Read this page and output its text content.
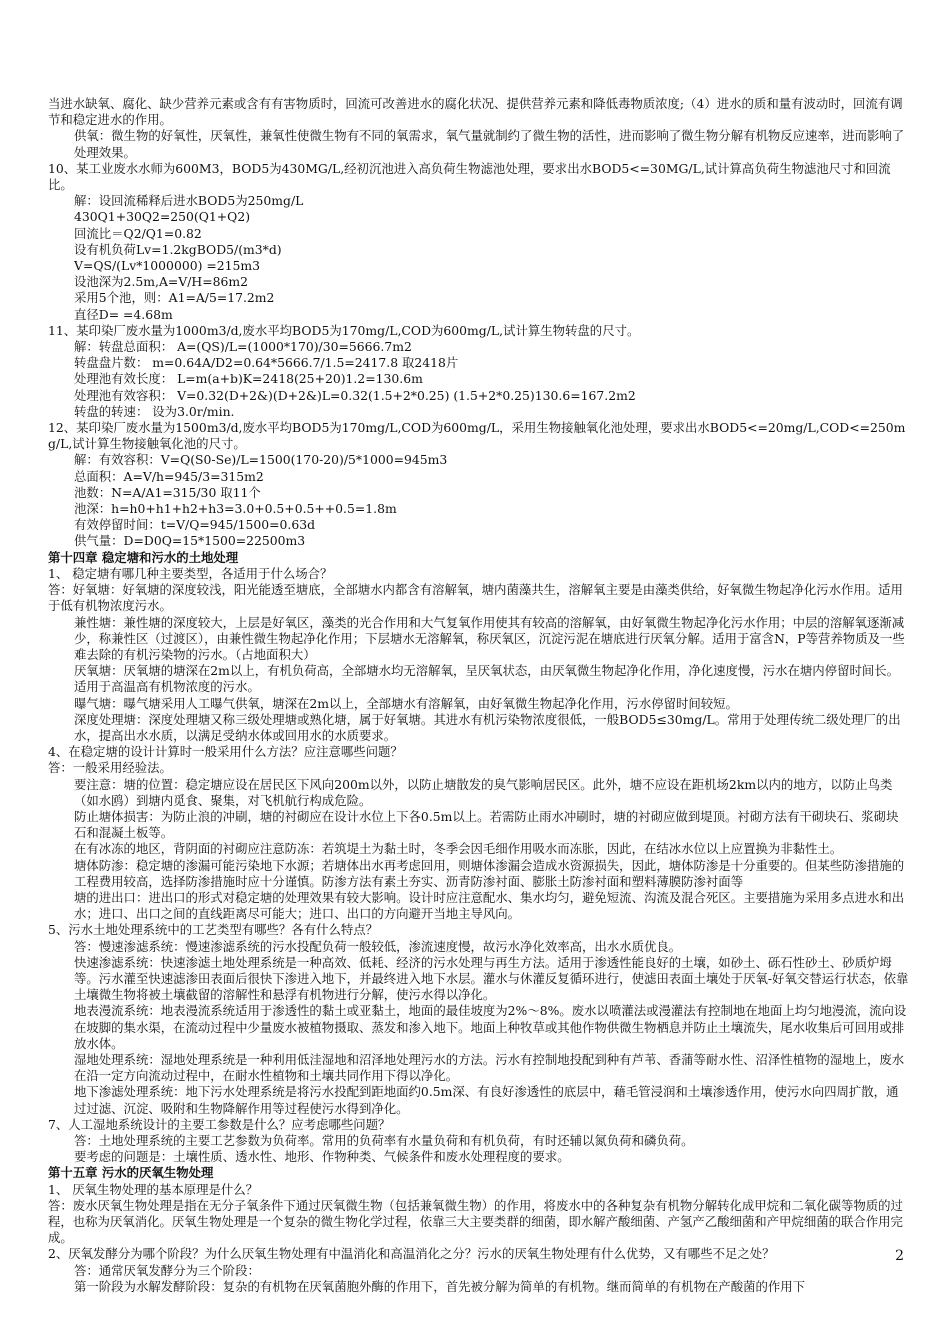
当进水缺氧、腐化、缺少营养元素或含有有害物质时，回流可改善进水的腐化状况、提供营养元素和降低毒物质浓度;（4）进水的质和量有波动时，回流有调节和稳定进水的作用。

供氧：微生物的好氧性，厌氧性，兼氧性使微生物有不同的氧需求，氧气量就制约了微生物的活性，进而影响了微生物分解有机物反应速率，进而影响了处理效果。

10、某工业废水水师为600M3，BOD5为430MG/L,经初沉池进入高负荷生物滤池处理，要求出水BOD5<=30MG/L,试计算高负荷生物滤池尺寸和回流比。

解：设回流稀释后进水BOD5为250mg/L

430Q1+30Q2=250(Q1+Q2)

回流比＝Q2/Q1=0.82

设有机负荷Lv=1.2kgBOD5/(m3*d)

V=QS/(Lv*1000000) =215m3

设池深为2.5m,A=V/H=86m2

采用5个池，则：A1=A/5=17.2m2

直径D= =4.68m

11、某印染厂废水量为1000m3/d,废水平均BOD5为170mg/L,COD为600mg/L,试计算生物转盘的尺寸。

解：转盘总面积： A=(QS)/L=(1000*170)/30=5666.7m2

转盘盘片数： m=0.64A/D2=0.64*5666.7/1.5=2417.8 取2418片

处理池有效长度： L=m(a+b)K=2418(25+20)1.2=130.6m

处理池有效容积： V=0.32(D+2&)(D+2&)L=0.32(1.5+2*0.25) (1.5+2*0.25)130.6=167.2m2

转盘的转速： 设为3.0r/min.

12、某印染厂废水量为1500m3/d,废水平均BOD5为170mg/L,COD为600mg/L，采用生物接触氧化池处理，要求出水BOD5<=20mg/L,COD<=250mg/L,试计算生物接触氧化池的尺寸。

解：有效容积：V=Q(S0-Se)/L=1500(170-20)/5*1000=945m3

总面积：A=V/h=945/3=315m2

池数：N=A/A1=315/30 取11个

池深：h=h0+h1+h2+h3=3.0+0.5+0.5++0.5=1.8m

有效停留时间：t=V/Q=945/1500=0.63d

供气量：D=D0Q=15*1500=22500m3

第十四章 稳定塘和污水的土地处理

1、 稳定塘有哪几种主要类型，各适用于什么场合？

答：好氧塘：好氧塘的深度较浅，阳光能透至塘底，全部塘水内都含有溶解氧，塘内菌藻共生，溶解氧主要是由藻类供给，好氧微生物起净化污水作用。适用于低有机物浓度污水。

兼性塘：兼性塘的深度较大，上层是好氧区，藻类的光合作用和大气复氧作用使其有较高的溶解氧，由好氧微生物起净化污水作用；中层的溶解氧逐渐减少，称兼性区（过渡区），由兼性微生物起净化作用；下层塘水无溶解氧，称厌氧区，沉淀污泥在塘底进行厌氧分解。适用于富含N，P等营养物质及一些难去除的有机污染物的污水。（占地面积大）

厌氧塘：厌氧塘的塘深在2m以上，有机负荷高，全部塘水均无溶解氧，呈厌氧状态，由厌氧微生物起净化作用，净化速度慢，污水在塘内停留时间长。适用于高温高有机物浓度的污水。

曝气塘：曝气塘采用人工曝气供氧，塘深在2m以上，全部塘水有溶解氧，由好氧微生物起净化作用，污水停留时间较短。

深度处理塘：深度处理塘又称三级处理塘或熟化塘，属于好氧塘。其进水有机污染物浓度很低，一般BOD5≤30mg/L。常用于处理传统二级处理厂的出水，提高出水水质，以满足受纳水体或回用水的水质要求。

4、在稳定塘的设计计算时一般采用什么方法？应注意哪些问题？

答：一般采用经验法。

要注意：塘的位置：稳定塘应设在居民区下风向200m以外，以防止塘散发的臭气影响居民区。此外，塘不应设在距机场2km以内的地方，以防止鸟类（如水鸥）到塘内觅食、聚集，对飞机航行构成危险。

防止塘体损害：为防止浪的冲刷，塘的衬砌应在设计水位上下各0.5m以上。若需防止雨水冲刷时，塘的衬砌应做到堤顶。衬砌方法有干砌块石、浆砌块石和混凝土板等。

在有冰冻的地区，背阴面的衬砌应注意防冻：若筑堤土为黏土时，冬季会因毛细作用吸水而冻胀，因此，在结冰水位以上应置换为非黏性土。

塘体防渗：稳定塘的渗漏可能污染地下水源；若塘体出水再考虑回用，则塘体渗漏会造成水资源损失，因此，塘体防渗是十分重要的。但某些防渗措施的工程费用较高，选择防渗措施时应十分谨慎。防渗方法有素土夯实、沥青防渗衬面、膨胀土防渗衬面和塑料薄膜防渗衬面等

塘的进出口：进出口的形式对稳定塘的处理效果有较大影响。设计时应注意配水、集水均匀，避免短流、沟流及混合死区。主要措施为采用多点进水和出水；进口、出口之间的直线距离尽可能大；进口、出口的方向避开当地主导风向。

5、污水土地处理系统中的工艺类型有哪些？各有什么特点？

答：慢速渗滤系统：慢速渗滤系统的污水投配负荷一般较低，渗流速度慢，故污水净化效率高，出水水质优良。

快速渗滤系统：快速渗滤土地处理系统是一种高效、低耗、经济的污水处理与再生方法。适用于渗透性能良好的土壤，如砂土、砾石性砂土、砂质炉坶等。污水灌至快速滤渗田表面后很快下渗进入地下，并最终进入地下水层。灌水与休灌反复循环进行，使滤田表面土壤处于厌氧-好氧交替运行状态，依靠土壤微生物将被土壤截留的溶解性和悬浮有机物进行分解，使污水得以净化。

地表漫流系统：地表漫流系统适用于渗透性的黏土或亚黏土，地面的最佳坡度为2%～8%。废水以喷灌法或漫灌法有控制地在地面上均匀地漫流，流向设在坡脚的集水渠，在流动过程中少量废水被植物摄取、蒸发和渗入地下。地面上种牧草或其他作物供微生物栖息并防止土壤流失，尾水收集后可回用或排放水体。

湿地处理系统：湿地处理系统是一种利用低洼湿地和沼泽地处理污水的方法。污水有控制地投配到种有芦苇、香蒲等耐水性、沼泽性植物的湿地上，废水在沿一定方向流动过程中，在耐水性植物和土壤共同作用下得以净化。

地下渗滤处理系统：地下污水处理系统是将污水投配到距地面约0.5m深、有良好渗透性的底层中，藉毛管浸润和土壤渗透作用，使污水向四周扩散，通过过滤、沉淀、吸附和生物降解作用等过程使污水得到净化。

7、人工湿地系统设计的主要工参数是什么？应考虑哪些问题？

答：土地处理系统的主要工艺参数为负荷率。常用的负荷率有水量负荷和有机负荷，有时还辅以氮负荷和磷负荷。

要考虑的问题是：土壤性质、透水性、地形、作物种类、气候条件和废水处理程度的要求。

第十五章 污水的厌氧生物处理

1、 厌氧生物处理的基本原理是什么？

答：废水厌氧生物处理是指在无分子氧条件下通过厌氧微生物（包括兼氧微生物）的作用，将废水中的各种复杂有机物分解转化成甲烷和二氧化碳等物质的过程，也称为厌氧消化。厌氧生物处理是一个复杂的微生物化学过程，依靠三大主要类群的细菌，即水解产酸细菌、产氢产乙酸细菌和产甲烷细菌的联合作用完成。

2、厌氧发酵分为哪个阶段？为什么厌氧生物处理有中温消化和高温消化之分？污水的厌氧生物处理有什么优势，又有哪些不足之处？

答：通常厌氧发酵分为三个阶段：

第一阶段为水解发酵阶段：复杂的有机物在厌氧菌胞外酶的作用下，首先被分解为简单的有机物。继而简单的有机物在产酸菌的作用下

2
